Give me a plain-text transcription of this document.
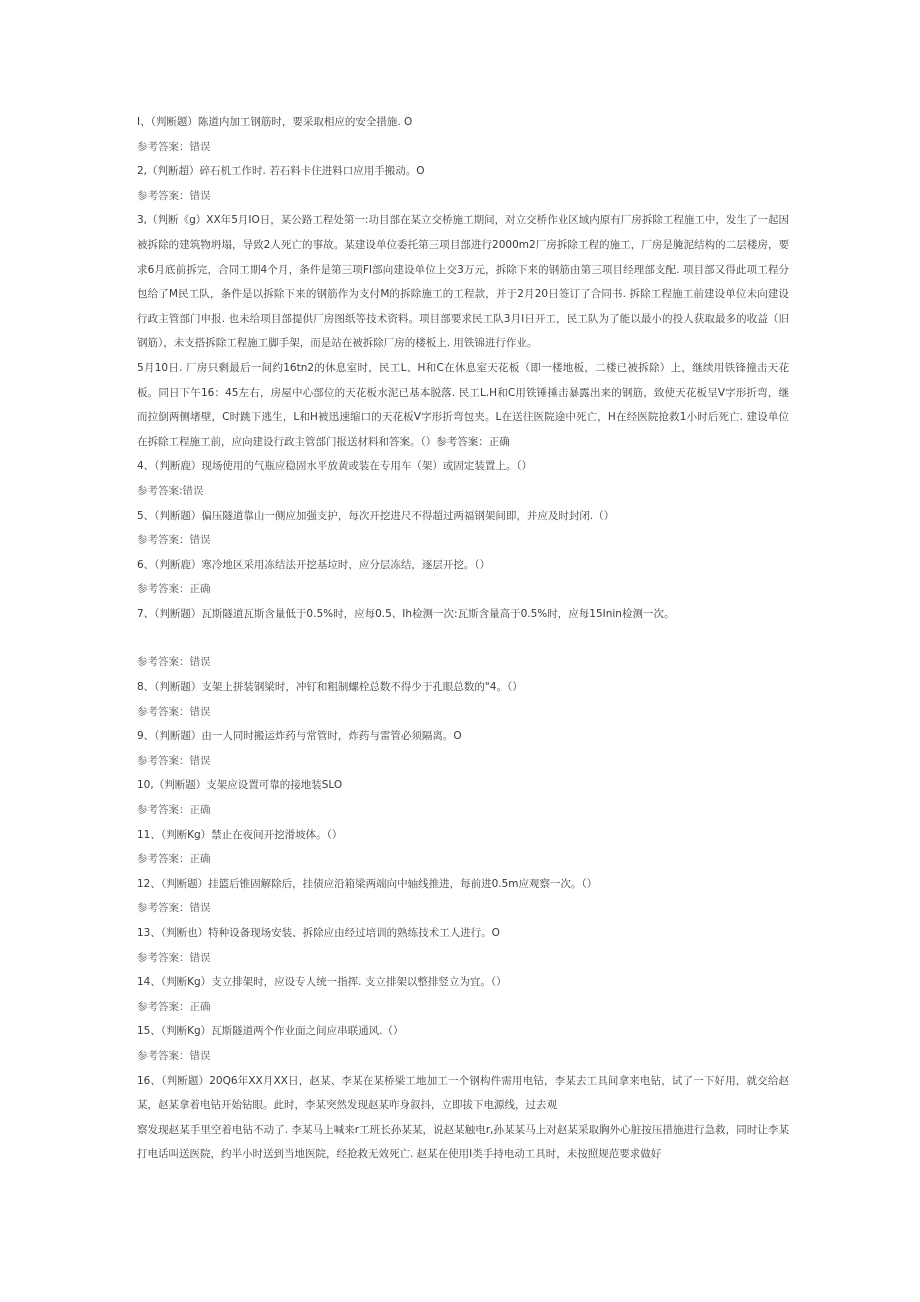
I、（判断题）陈道内加工钢筋时，要采取相应的安全措施. O

参考答案：错误

2,（判断超）碎石机工作时. 若石料卡住进料口应用手搬动。O

参考答案：错误

3,（判断《g）XX年5月IO日，某公路工程处第一:功目部在某立交桥施工期间，对立交桥作业区域内原有厂房拆除工程施工中，发生了一起因被拆除的建筑物坍塌，导致2人死亡的事故。某建设单位委托第三项目部进行2000m2厂房拆除工程的施工，厂房是腌泥结构的二层楼房，要求6月底前拆完，合同工期4个月，条件是第三项FI部向建设单位上交3万元，拆除下来的钢筋由第三项目经理部支配. 项目部又得此项工程分包给了M民工队，条件是以拆除下来的钢筋作为支付M的拆除施工的工程款，并于2月20日签订了合同书. 拆除工程施工前建设单位未向建设行政主管部门申报. 也未给项目部提供厂房图纸等技术资料。项目部要求民工队3月I日开工，民工队为了能以最小的投人获取最多的收益（旧钢筋），未支搭拆除工程施工脚手架，而是站在被拆除厂房的楼板上. 用铁锦进行作业。

5月10日. 厂房只剩最后一间约16tn2的休息室时，民工L、H和C在休息室天花板（即一楼地板，二楼已被拆除）上，继续用铁锋撞击天花板。同日下午16：45左右，房屋中心部位的天花板水泥已基本脱落. 民工L.H和C用铁锤捶击暴露出来的钢筋，致使天花板呈V字形折弯，继而拉倒两侧堵壁，C时跳下逃生，L和H被迅速缩口的天花板V字形折弯包夹。L在送往医院途中死亡，H在经医院抢救1小时后死亡. 建设单位在拆除工程施工前，应向建设行政主管部门报送材料和答案。（）参考答案：正确

4、（判断鹿）现场使用的气瓶应稳固水平放黄或装在专用车（架）或固定装置上。（）

参考答案:错误

5、（判断题）偏压隧道靠山一侧应加强支护，每次开挖进尺不得超过两福钢架间即，并应及时封闭.（）

参考答案：错误

6、（判断鹿）寒冷地区采用冻结法开挖基垃时，应分层冻结，逐层开挖。（）

参考答案：正确

7、（判断题）瓦斯隧道瓦斯含量低于0.5%时，应每0.5、Ih检测一次:瓦斯含量高于0.5%时，应每15Inin检测一次。

参考答案：错误

8、（判断题）支架上拼装钢梁时，冲钉和粗制螺栓总数不得少于孔眼总数的"4。（）

参考答案：错误

9、（判断题）由一人同时搬运炸药与常管时，炸药与雷管必须隔离。O

参考答案：错误

10,（判断题）支架应设置可靠的接地装SLO

参考答案：正确

11、（判断Kg）禁止在夜间开挖滑坡体。（）

参考答案：正确

12、（判断题）挂篮后锥固解除后，挂债应沿箱梁两端向中轴线推进，每前进0.5m应观察一次。（）

参考答案：错误

13、（判断也）特种设备现场安装、拆除应由经过培训的熟练技术工人进行。O

参考答案：错误

14、（判断Kg）支立排架时，应设专人统一指挥. 支立排架以整排竖立为宜。（）

参考答案：正确

15、（判断Kg）瓦斯隧道两个作业面之间应串联通风.（）

参考答案：错误

16、（判断题）20Q6年XX月XX日，赵某、李某在某桥梁工地加工一个钢构件需用电钻，李某去工具间拿来电钻，试了一下好用，就交给赵某，赵某拿着电钻开始钻眼。此时，李某突然发现赵某咋身叙抖，立即拔下电源线，过去观

察发现赵某手里空着电钻不动了. 李某马上喊来r工班长孙某某，说赵某触电r,孙某某马上对赵某采取胸外心脏按压措施进行急救，同时让李某打电话叫送医院，约半小时送到当地医院，经抢救无效死亡. 赵某在使用I类手持电动工具时，未按照规范要求做好
